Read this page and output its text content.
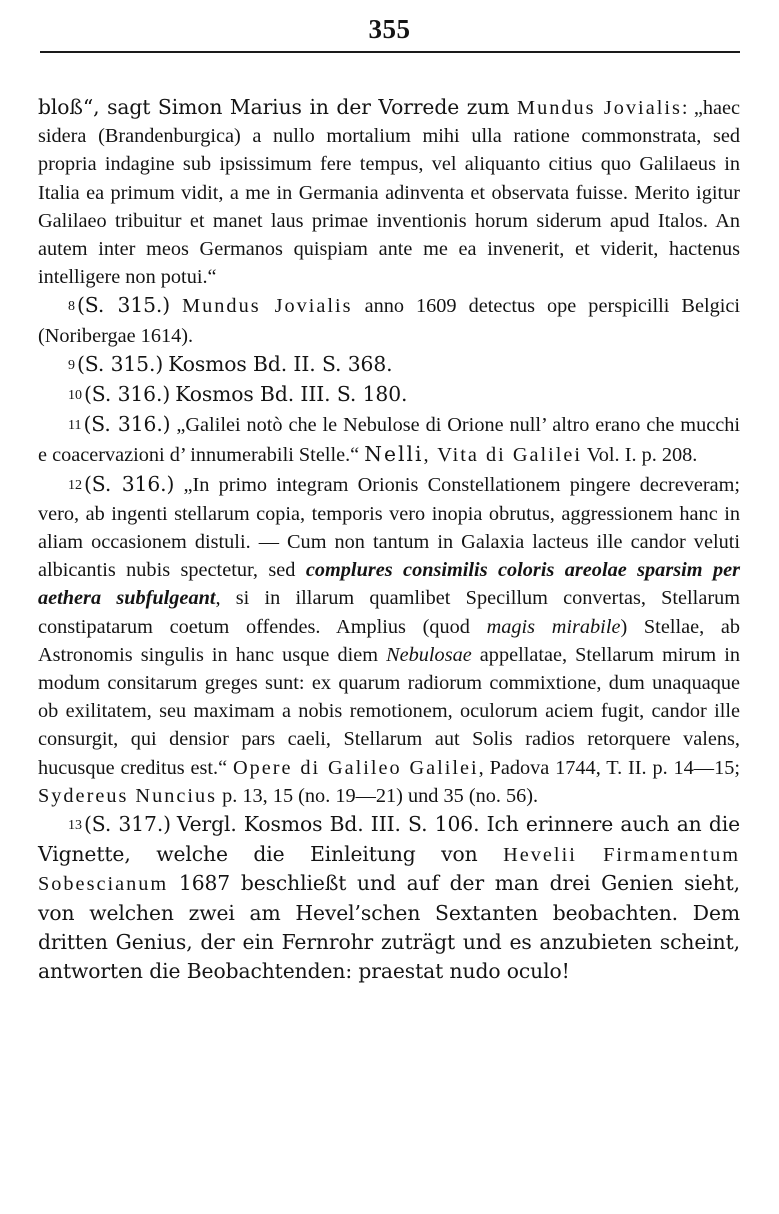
355

bloß“, sagt Simon Marius in der Vorrede zum Mundus Jovialis: „haec sidera (Brandenburgica) a nullo mortalium mihi ulla ratione commonstrata, sed propria indagine sub ipsissimum fere tempus, vel aliquanto citius quo Galilaeus in Italia ea primum vidit, a me in Germania adinventa et observata fuisse. Merito igitur Galilaeo tribuitur et manet laus primae inventionis horum siderum apud Italos. An autem inter meos Germanos quispiam ante me ea invenerit, et viderit, hactenus intelligere non potui.“

8(S. 315.) Mundus Jovialis anno 1609 detectus ope perspicilli Belgici (Noribergae 1614).

9(S. 315.) Kosmos Bd. II. S. 368.

10(S. 316.) Kosmos Bd. III. S. 180.

11(S. 316.) „Galilei notò che le Nebulose di Orione null’ altro erano che mucchi e coacervazioni d’ innumerabili Stelle.“ Nelli, Vita di Galilei Vol. I. p. 208.

12(S. 316.) „In primo integram Orionis Constellationem pingere decreveram; vero, ab ingenti stellarum copia, temporis vero inopia obrutus, aggressionem hanc in aliam occasionem distuli. — Cum non tantum in Galaxia lacteus ille candor veluti albicantis nubis spectetur, sed complures consimilis coloris areolae sparsim per aethera subfulgeant, si in illarum quamlibet Specillum convertas, Stellarum constipatarum coetum offendes. Amplius (quod magis mirabile) Stellae, ab Astronomis singulis in hanc usque diem Nebulosae appellatae, Stellarum mirum in modum consitarum greges sunt: ex quarum radiorum commixtione, dum unaquaque ob exilitatem, seu maximam a nobis remotionem, oculorum aciem fugit, candor ille consurgit, qui densior pars caeli, Stellarum aut Solis radios retorquere valens, hucusque creditus est.“ Opere di Galileo Galilei, Padova 1744, T. II. p. 14—15; Sydereus Nuncius p. 13, 15 (no. 19—21) und 35 (no. 56).

13(S. 317.) Vergl. Kosmos Bd. III. S. 106. Ich erinnere auch an die Vignette, welche die Einleitung von Hevelii Firmamentum Sobescianum 1687 beschließt und auf der man drei Genien sieht, von welchen zwei am Hevel’schen Sextanten beobachten. Dem dritten Genius, der ein Fernrohr zuträgt und es anzubieten scheint, antworten die Beobachtenden: praestat nudo oculo!
